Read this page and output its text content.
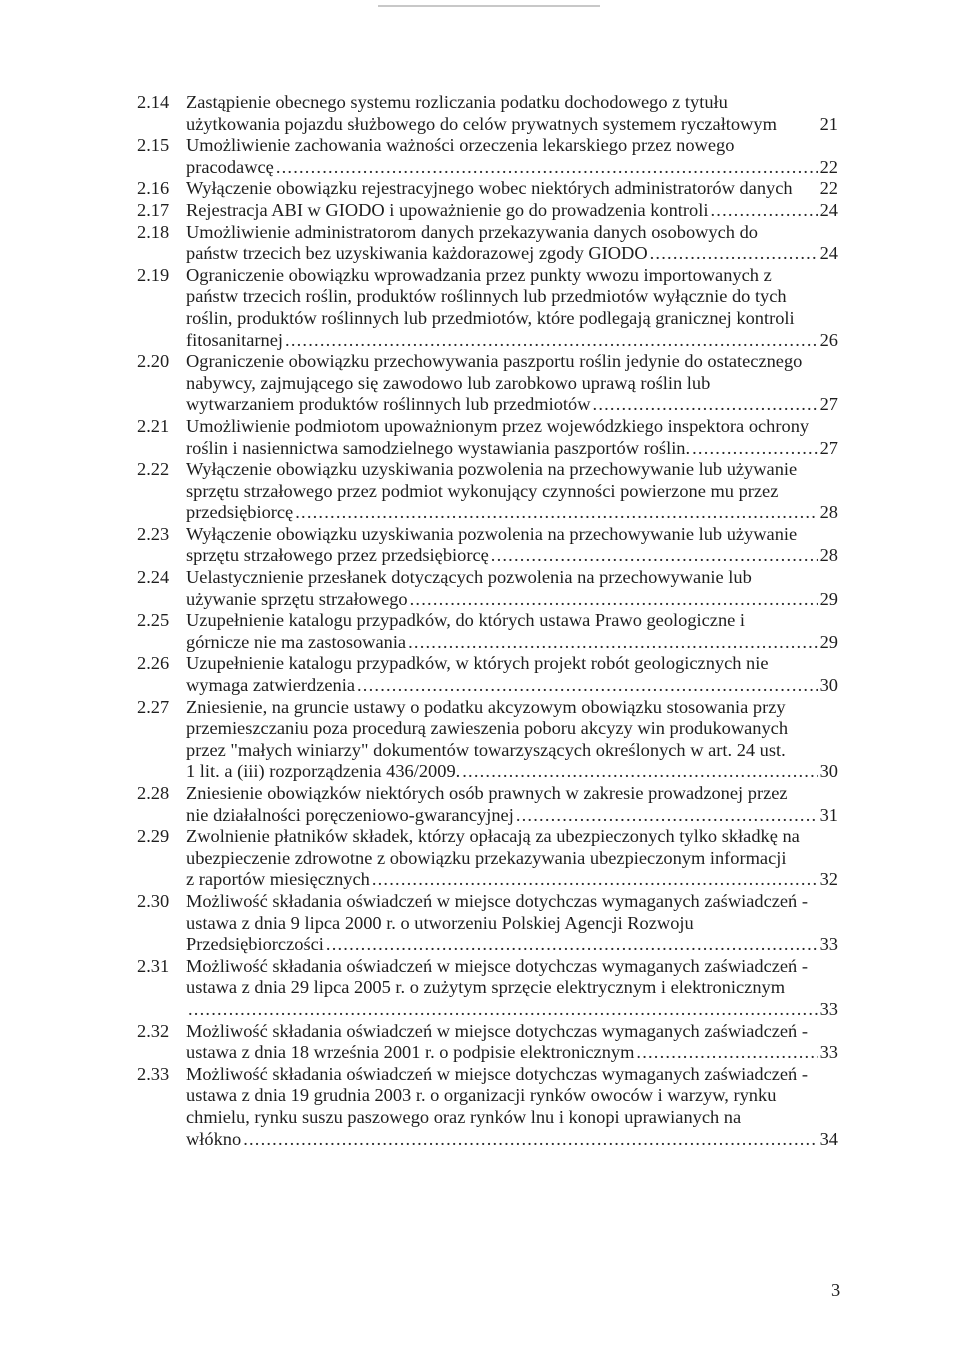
2.14 Zastąpienie obecnego systemu rozliczania podatku dochodowego z tytułu
użytkowania pojazdu służbowego do celów prywatnych systemem ryczałtowym 21
2.15 Umożliwienie zachowania ważności orzeczenia lekarskiego przez nowego
pracodawcę .....	22
2.16 Wyłączenie obowiązku rejestracyjnego wobec niektórych administratorów danych 22
2.17 Rejestracja ABI w GIODO i upoważnienie go do prowadzenia kontroli .....	24
2.18 Umożliwienie administratorom danych przekazywania danych osobowych do
państw trzecich bez uzyskiwania każdorazowej zgody GIODO .....	24
2.19 Ograniczenie obowiązku wprowadzania przez punkty wwozu importowanych z
państw trzecich roślin, produktów roślinnych lub przedmiotów wyłącznie do tych
roślin, produktów roślinnych lub przedmiotów, które podlegają granicznej kontroli
fitosanitarnej .....	26
2.20 Ograniczenie obowiązku przechowywania paszportu roślin jedynie do ostatecznego
nabywcy, zajmującego się zawodowo lub zarobkowo uprawą roślin lub
wytwarzaniem produktów roślinnych lub przedmiotów .....	27
2.21 Umożliwienie podmiotom upoważnionym przez wojewódzkiego inspektora ochrony
roślin i nasiennictwa samodzielnego wystawiania paszportów roślin. .....	27
2.22 Wyłączenie obowiązku uzyskiwania pozwolenia na przechowywanie lub używanie
sprzętu strzałowego przez podmiot wykonujący czynności powierzone mu przez
przedsiębiorcę .....	28
2.23 Wyłączenie obowiązku uzyskiwania pozwolenia na przechowywanie lub używanie
sprzętu strzałowego przez przedsiębiorcę .....	28
2.24 Uelastycznienie przesłanek dotyczących pozwolenia na przechowywanie lub
używanie sprzętu strzałowego .....	29
2.25 Uzupełnienie katalogu przypadków, do których ustawa Prawo geologiczne i
górnicze nie ma zastosowania .....	29
2.26 Uzupełnienie katalogu przypadków, w których projekt robót geologicznych nie
wymaga zatwierdzenia .....	30
2.27 Zniesienie, na gruncie ustawy o podatku akcyzowym obowiązku stosowania przy
przemieszczaniu poza procedurą zawieszenia poboru akcyzy win produkowanych
przez "małych winiarzy" dokumentów towarzyszących określonych w art. 24 ust.
1 lit. a (iii) rozporządzenia 436/2009. .....	30
2.28 Zniesienie obowiązków niektórych osób prawnych w zakresie prowadzonej przez
nie działalności poręczeniowo-gwarancyjnej .....	31
2.29 Zwolnienie płatników składek, którzy opłacają za ubezpieczonych tylko składkę na
ubezpieczenie zdrowotne z obowiązku przekazywania ubezpieczonym informacji
z raportów miesięcznych .....	32
2.30 Możliwość składania oświadczeń w miejsce dotychczas wymaganych zaświadczeń -
ustawa z dnia 9 lipca 2000 r. o utworzeniu Polskiej Agencji Rozwoju
Przedsiębiorczości .....	33
2.31 Możliwość składania oświadczeń w miejsce dotychczas wymaganych zaświadczeń -
ustawa z dnia 29 lipca 2005 r. o zużytym sprzęcie elektrycznym i elektronicznym
.....
33
2.32 Możliwość składania oświadczeń w miejsce dotychczas wymaganych zaświadczeń -
ustawa z dnia 18 września 2001 r. o podpisie elektronicznym .....	33
2.33 Możliwość składania oświadczeń w miejsce dotychczas wymaganych zaświadczeń -
ustawa z dnia 19 grudnia 2003 r. o organizacji rynków owoców i warzyw, rynku
chmielu, rynku suszu paszowego oraz rynków lnu i konopi uprawianych na
włókno .....	34
3
